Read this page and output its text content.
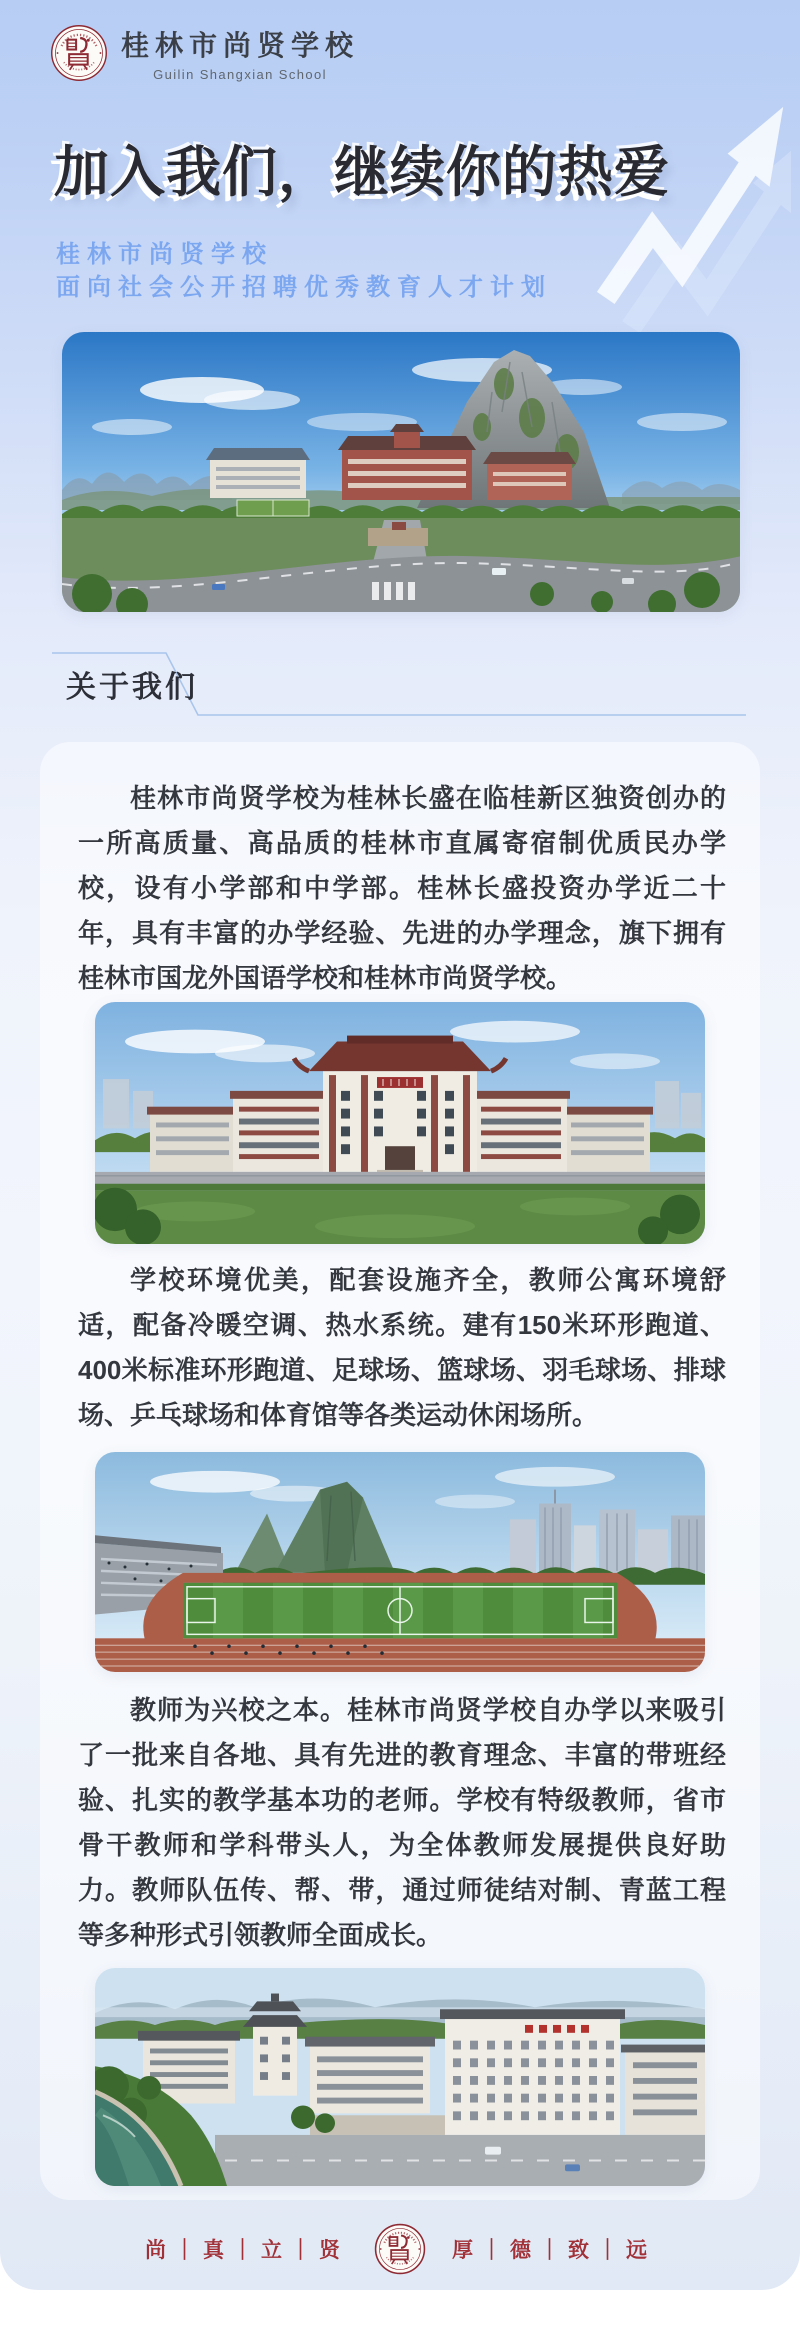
桂林市尚贤学校
Guilin Shangxian School
加入我们，继续你的热爱
桂林市尚贤学校
面向社会公开招聘优秀教育人才计划
关于我们

桂林市尚贤学校为桂林长盛在临桂新区独资创办的一所高质量、高品质的桂林市直属寄宿制优质民办学校，设有小学部和中学部。桂林长盛投资办学近二十年，具有丰富的办学经验、先进的办学理念，旗下拥有桂林市国龙外国语学校和桂林市尚贤学校。

学校环境优美，配套设施齐全，教师公寓环境舒适，配备冷暖空调、热水系统。建有150米环形跑道、400米标准环形跑道、足球场、篮球场、羽毛球场、排球场、乒乓球场和体育馆等各类运动休闲场所。

教师为兴校之本。桂林市尚贤学校自办学以来吸引了一批来自各地、具有先进的教育理念、丰富的带班经验、扎实的教学基本功的老师。学校有特级教师，省市骨干教师和学科带头人，为全体教师发展提供良好助力。教师队伍传、帮、带，通过师徒结对制、青蓝工程等多种形式引领教师全面成长。

尚｜真｜立｜贤	厚｜德｜致｜远
